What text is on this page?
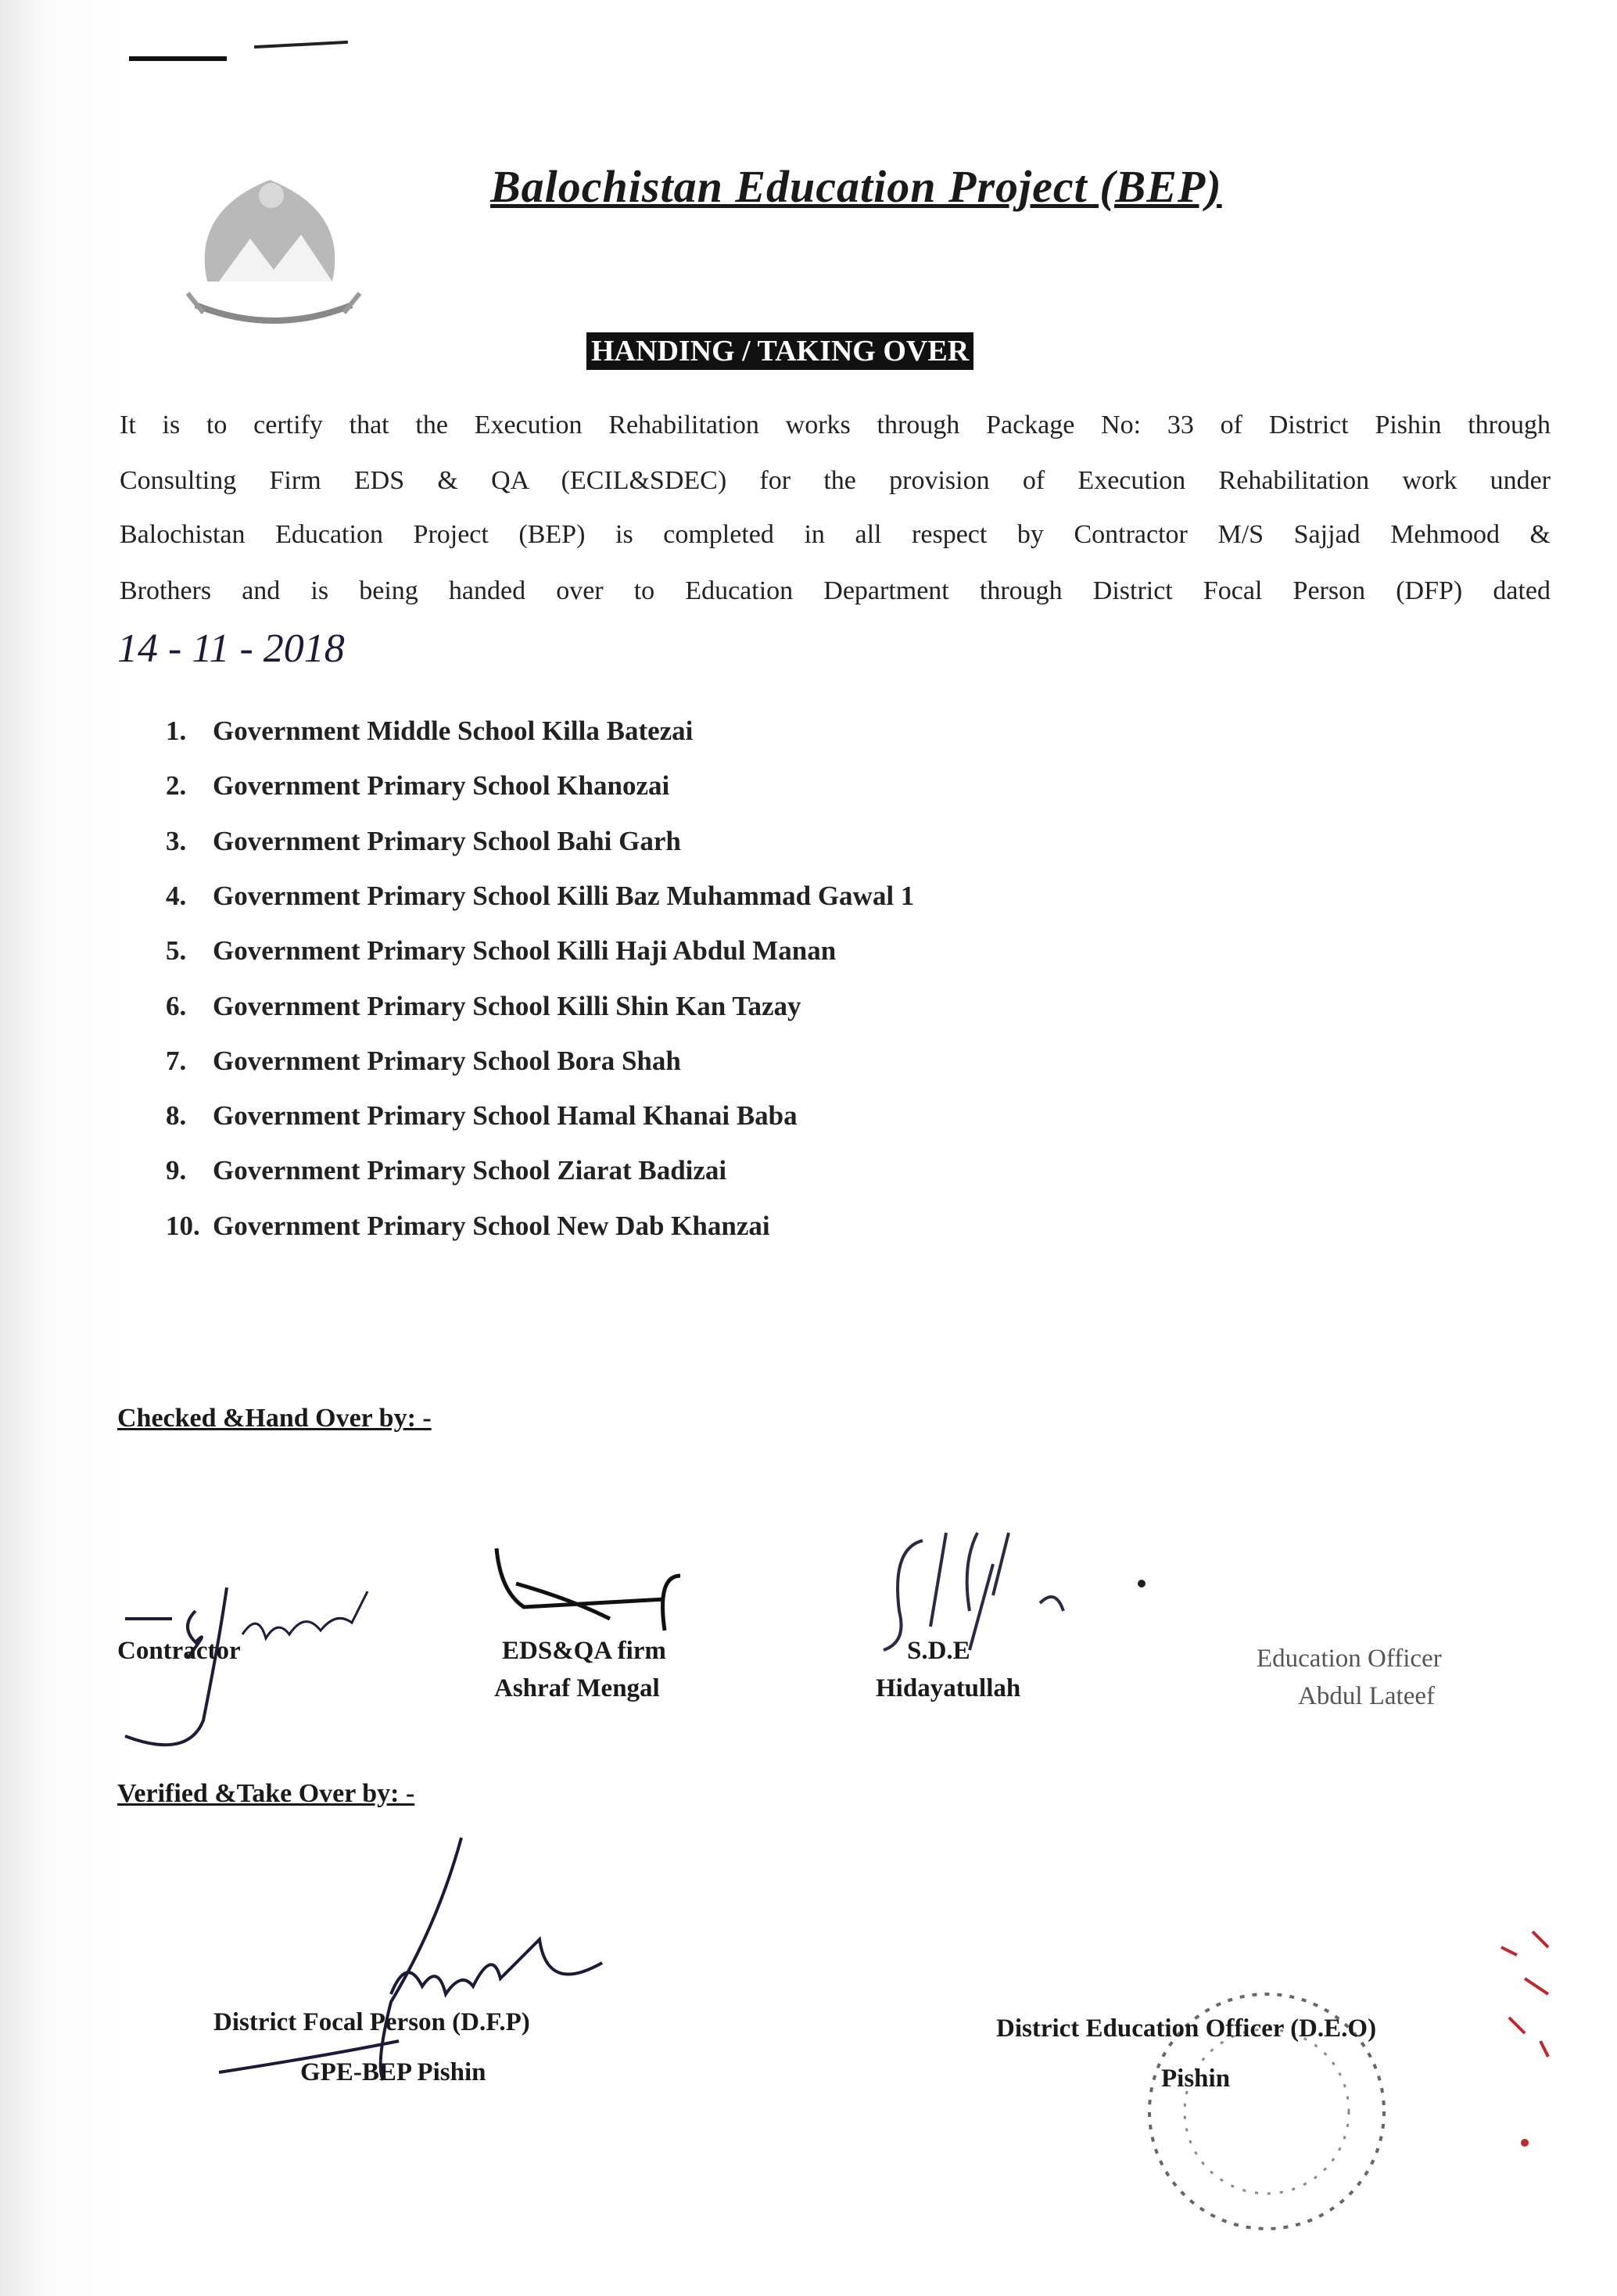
Balochistan Education Project (BEP)
HANDING / TAKING OVER
It is to certify that the Execution Rehabilitation works through Package No: 33 of District Pishin through
Consulting Firm EDS & QA (ECIL&SDEC) for the provision of Execution Rehabilitation work under
Balochistan Education Project (BEP) is completed in all respect by Contractor M/S Sajjad Mehmood &
Brothers and is being handed over to Education Department through District Focal Person (DFP) dated
14 - 11 - 2018
1. Government Middle School Killa Batezai
2. Government Primary School Khanozai
3. Government Primary School Bahi Garh
4. Government Primary School Killi Baz Muhammad Gawal 1
5. Government Primary School Killi Haji Abdul Manan
6. Government Primary School Killi Shin Kan Tazay
7. Government Primary School Bora Shah
8. Government Primary School Hamal Khanai Baba
9. Government Primary School Ziarat Badizai
10. Government Primary School New Dab Khanzai
Checked &Hand Over by: -
Contractor	EDS&QA firm
Ashraf Mengal
S.D.E
Hidayatullah
Education Officer
Abdul Lateef
Verified &Take Over by: -
District Focal Person (D.F.P)
GPE-BEP Pishin
District Education Officer (D.E.O)
Pishin
